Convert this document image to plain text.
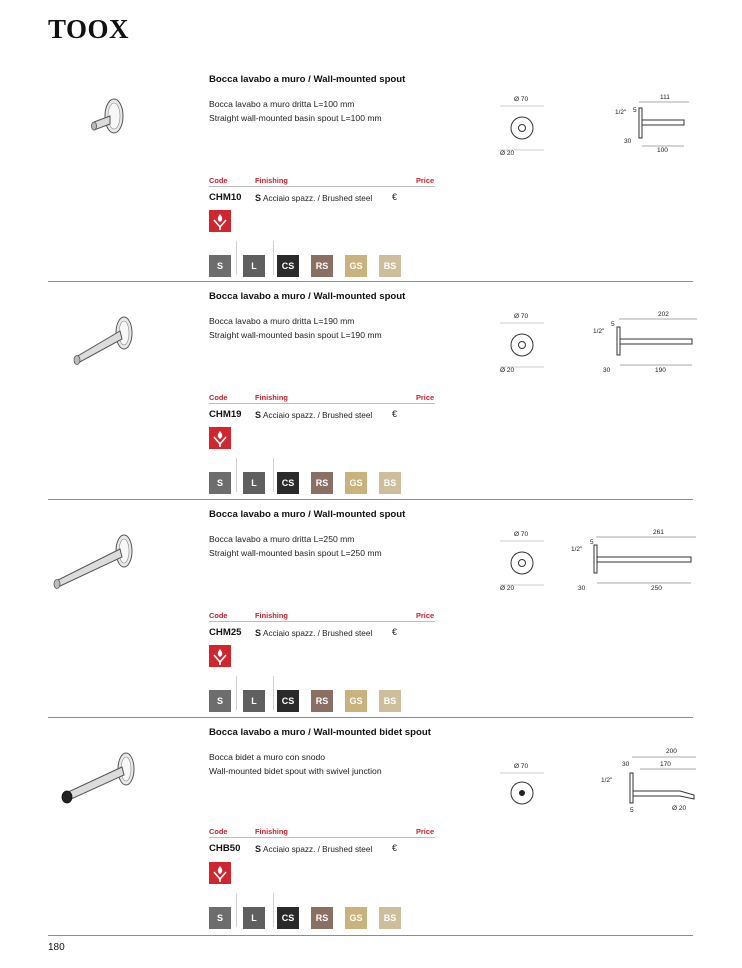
TOOX
Bocca lavabo a muro / Wall-mounted spout
Bocca lavabo a muro dritta L=100 mm
Straight wall-mounted basin spout L=100 mm
Ø 70
Ø 20
111
5
1/2"
30
100
Code	Finishing	Price
CHM10 S Acciaio spazz. / Brushed steel €
S	L	CS	RS	GS	BS
Bocca lavabo a muro / Wall-mounted spout
Bocca lavabo a muro dritta L=190 mm
Straight wall-mounted basin spout L=190 mm
Ø 70
Ø 20
202
5
1/2"
30	190
Code	Finishing	Price
CHM19 S Acciaio spazz. / Brushed steel €
S	L	CS	RS	GS	BS
Bocca lavabo a muro / Wall-mounted spout
Bocca lavabo a muro dritta L=250 mm
Straight wall-mounted basin spout L=250 mm
Ø 70
Ø 20
261
5
1/2"
30	250
Code	Finishing	Price
CHM25 S Acciaio spazz. / Brushed steel €
S	L	CS	RS	GS	BS
Bocca lavabo a muro / Wall-mounted bidet spout
Bocca bidet a muro con snodo
Wall-mounted bidet spout with swivel junction	Ø 70
200
30	170
1/2"
5	Ø 20
Code	Finishing	Price
CHB50 S Acciaio spazz. / Brushed steel €
S	L	CS	RS	GS	BS
180
